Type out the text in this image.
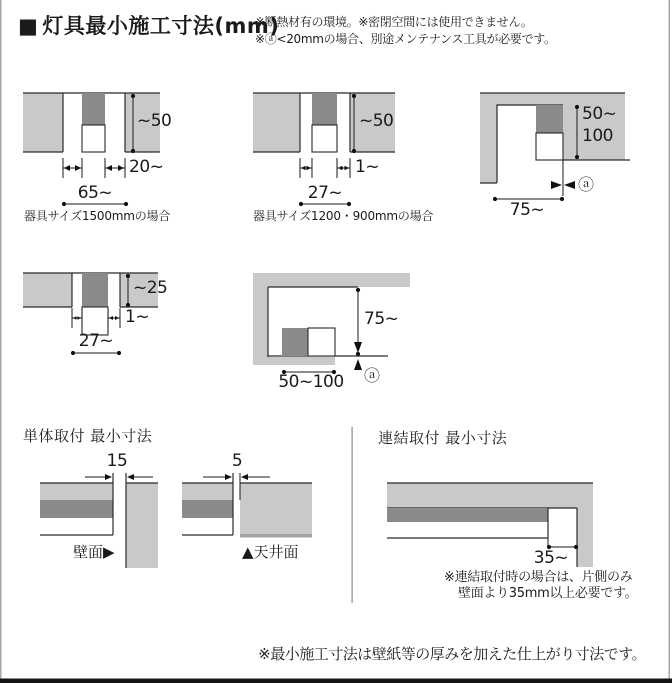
■ 灯具最小施工寸法(mm)
※断熱材有の環境。※密閉空間には使用できません。
※ⓐ<20mmの場合、別途メンテナンス工具が必要です。
~50
20~
65~
器具サイズ1500mmの場合
~50
1~
27~
器具サイズ1200・900mmの場合
50~
100
ⓐ
75~
~25
1~
27~
75~
ⓐ
50~100
単体取付 最小寸法
15	5
壁面▶	▲天井面
連結取付 最小寸法
35~
※連結取付時の場合は、片側のみ
壁面より35mm以上必要です。
※最小施工寸法は壁紙等の厚みを加えた仕上がり寸法です。
